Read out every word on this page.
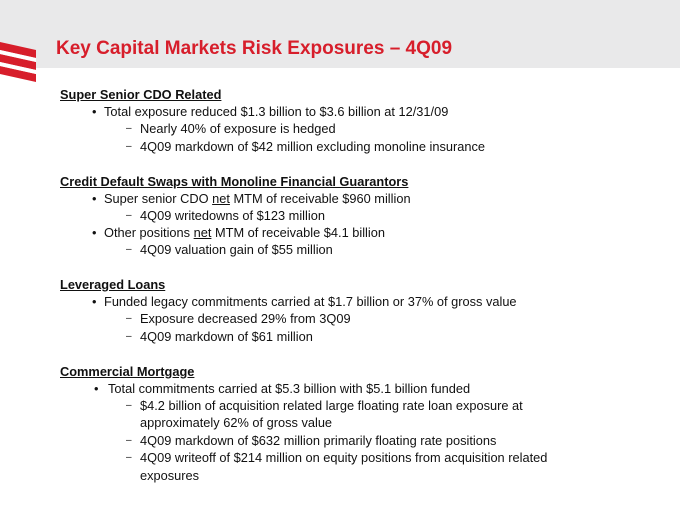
Key Capital Markets Risk Exposures – 4Q09
Super Senior CDO Related
• Total exposure reduced $1.3 billion to $3.6 billion at 12/31/09
– Nearly 40% of exposure is hedged
– 4Q09 markdown of $42 million excluding monoline insurance
Credit Default Swaps with Monoline Financial Guarantors
• Super senior CDO net MTM of receivable $960 million
– 4Q09 writedowns of $123 million
• Other positions net MTM of receivable $4.1 billion
– 4Q09 valuation gain of $55 million
Leveraged Loans
• Funded legacy commitments carried at $1.7 billion or 37% of gross value
– Exposure decreased 29% from 3Q09
– 4Q09 markdown of $61 million
Commercial Mortgage
• Total commitments carried at $5.3 billion with $5.1 billion funded
– $4.2 billion of acquisition related large floating rate loan exposure at approximately 62% of gross value
– 4Q09 markdown of $632 million primarily floating rate positions
– 4Q09 writeoff of $214 million on equity positions from acquisition related exposures
